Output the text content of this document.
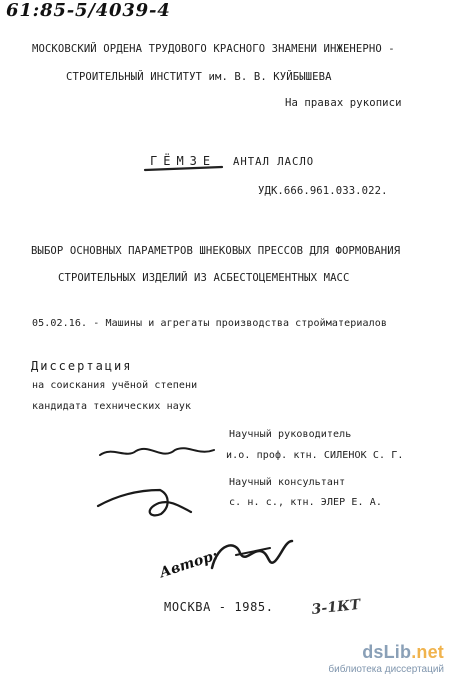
61:85-5/4039-4
МОСКОВСКИЙ ОРДЕНА ТРУДОВОГО КРАСНОГО ЗНАМЕНИ ИНЖЕНЕРНО -
СТРОИТЕЛЬНЫЙ ИНСТИТУТ им. В. В. КУЙБЫШЕВА
На правах рукописи
ГЁМЗЕ АНТАЛ ЛАСЛО
УДК.666.961.033.022.
ВЫБОР ОСНОВНЫХ ПАРАМЕТРОВ ШНЕКОВЫХ ПРЕССОВ ДЛЯ ФОРМОВАНИЯ
СТРОИТЕЛЬНЫХ ИЗДЕЛИЙ ИЗ АСБЕСТОЦЕМЕНТНЫХ МАСС
05.02.16. - Машины и агрегаты производства стройматериалов
Диссертация
на соискания учёной степени
кандидата технических наук
Научный руководитель
и.о. проф. ктн. СИЛЕНОК С. Г.
Научный консультант
с. н. с., ктн. ЭЛЕР Е. А.
Автор:
МОСКВА - 1985.	3-1КТ
dsLib.net
библиотека диссертаций
